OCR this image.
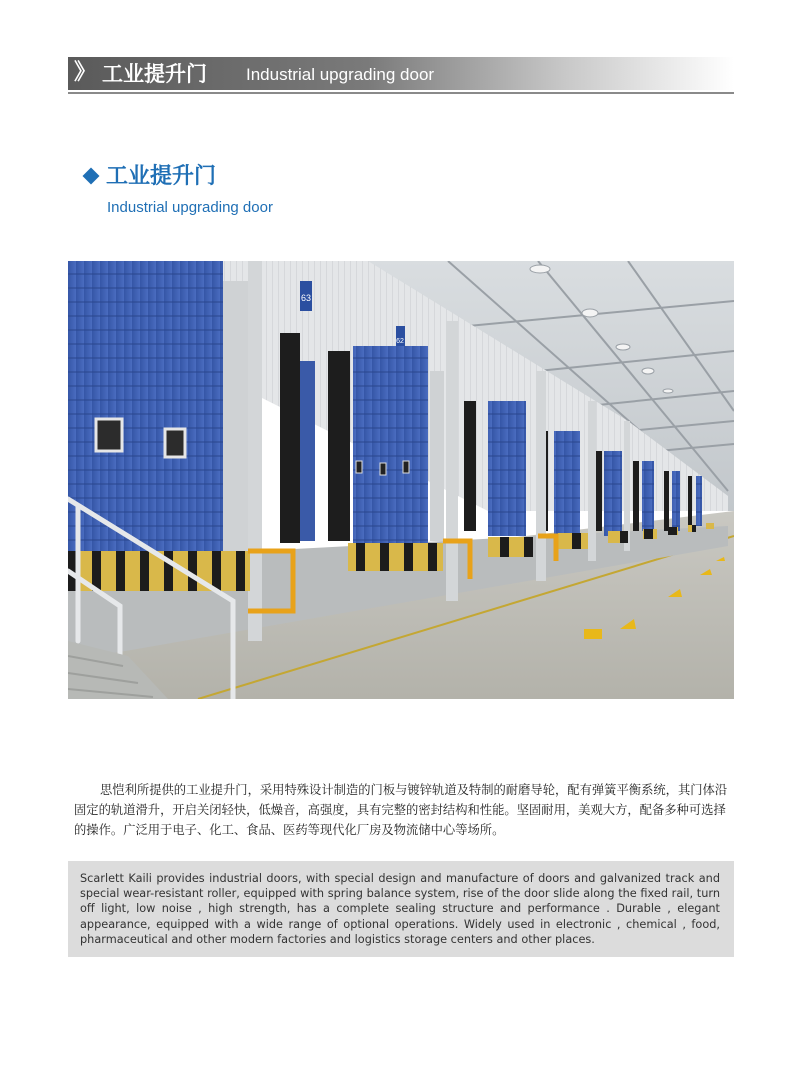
》 工业提升门 Industrial upgrading door
工业提升门
Industrial upgrading door
63
62
思恺利所提供的工业提升门，采用特殊设计制造的门板与镀锌轨道及特制的耐磨导轮，配有弹簧平衡系统，其门体沿固定的轨道滑升，开启关闭轻快，低燥音，高强度，具有完整的密封结构和性能。坚固耐用，美观大方，配备多种可选择的操作。广泛用于电子、化工、食品、医药等现代化厂房及物流储中心等场所。
Scarlett Kaili provides industrial doors, with special design and manufacture of doors and galvanized track and special wear-resistant roller, equipped with spring balance system, rise of the door slide along the fixed rail, turn off light, low noise , high strength, has a complete sealing structure and performance . Durable , elegant appearance, equipped with a wide range of optional operations. Widely used in electronic , chemical , food, pharmaceutical and other modern factories and logistics storage centers and other places.
